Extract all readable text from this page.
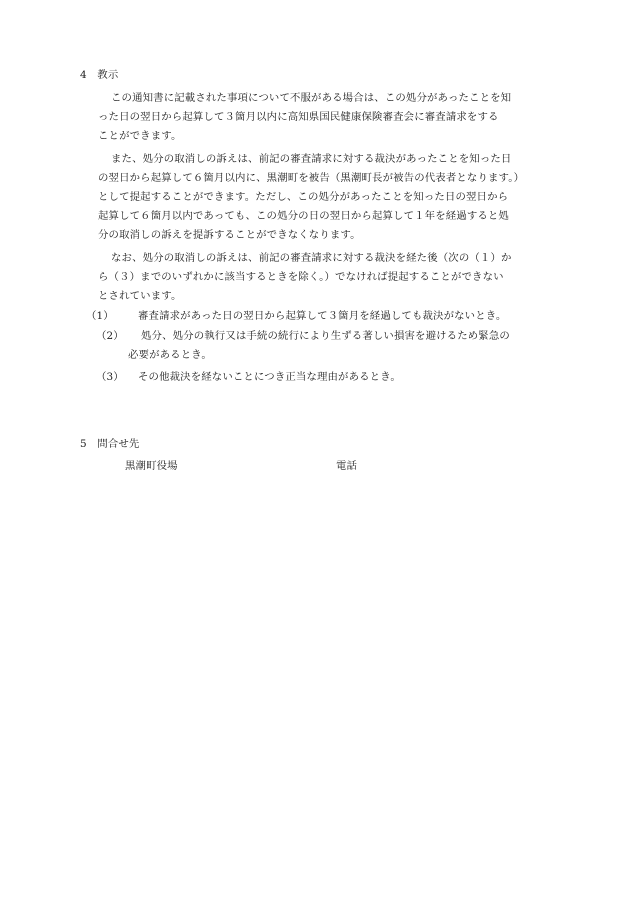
4　教示
この通知書に記載された事項について不服がある場合は、この処分があったことを知
った日の翌日から起算して３箇月以内に高知県国民健康保険審査会に審査請求をする
ことができます。
また、処分の取消しの訴えは、前記の審査請求に対する裁決があったことを知った日
の翌日から起算して６箇月以内に、黒潮町を被告（黒潮町長が被告の代表者となります。）
として提起することができます。ただし、この処分があったことを知った日の翌日から
起算して６箇月以内であっても、この処分の日の翌日から起算して１年を経過すると処
分の取消しの訴えを提訴することができなくなります。
なお、処分の取消しの訴えは、前記の審査請求に対する裁決を経た後（次の（１）か
ら（３）までのいずれかに該当するときを除く。）でなければ提起することができない
とされています。
（1） 審査請求があった日の翌日から起算して３箇月を経過しても裁決がないとき。
（2） 処分、処分の執行又は手続の続行により生ずる著しい損害を避けるため緊急の
必要があるとき。
（3） その他裁決を経ないことにつき正当な理由があるとき。
5　問合せ先
黒潮町役場	電話
